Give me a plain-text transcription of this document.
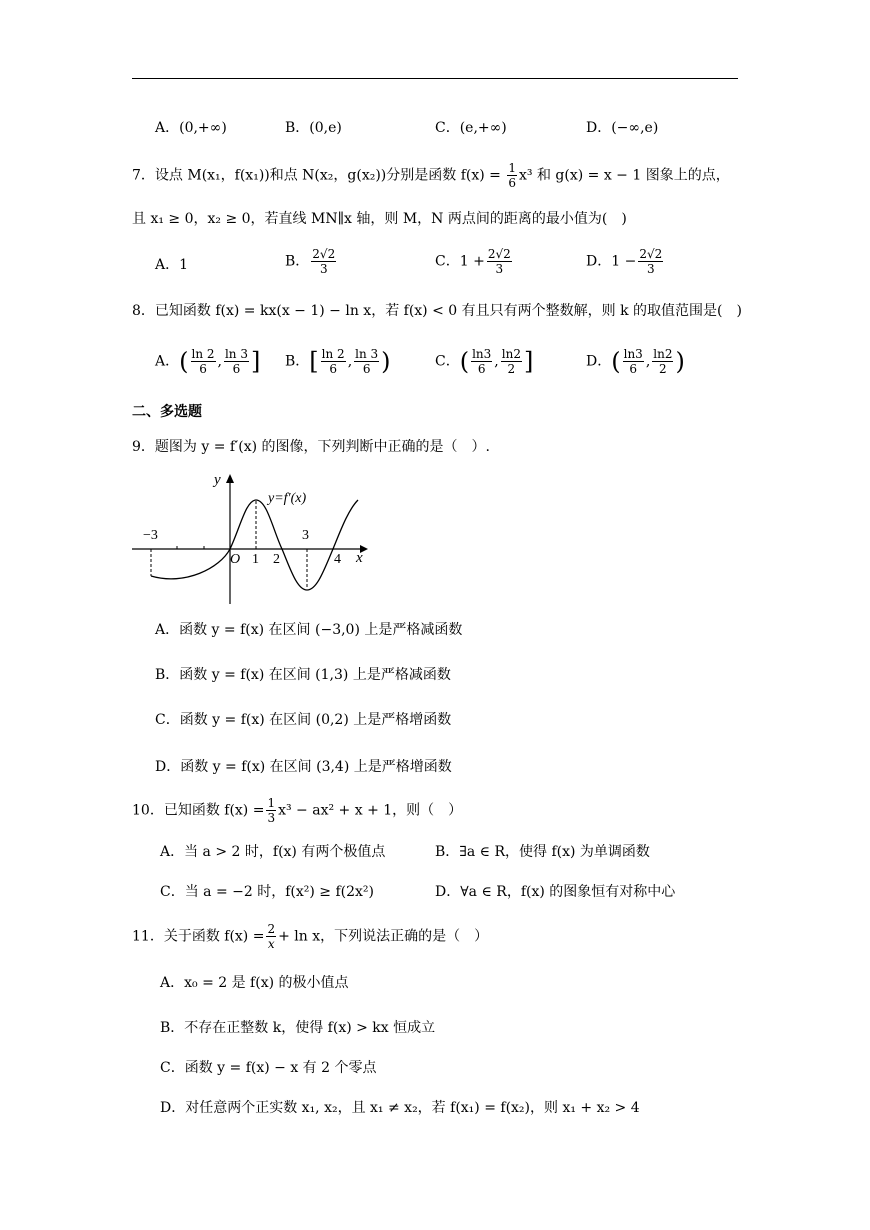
A．(0,+∞)	B．(0,e)	C．(e,+∞)	D．(−∞,e)
7．设点 M(x₁，f(x₁))和点 N(x₂，g(x₂))分别是函数 $f(x) = \frac{1}{6} x^3$ 和 g(x) = x − 1 图象上的点，
且 x₁ ≥ 0，x₂ ≥ 0，若直线 MN∥x 轴，则 M，N 两点间的距离的最小值为(　)
A．1	B． $\frac{2√2}{3}$	C．$1 + \frac{2√2}{3}$	D．$1 - \frac{2√2}{3}$
8．已知函数 f(x) = kx(x − 1) − ln x，若 f(x) < 0 有且只有两个整数解，则 k 的取值范围是(　)
A．( $\frac{\ln 2}{6}$ , $\frac{\ln 3}{6}$ ] B．[ $\frac{\ln 2}{6}$ , $\frac{\ln 3}{6}$ )	C．( $\frac{\ln 3}{6}$ , $\frac{\ln 2}{2}$ ]	D．( $\frac{\ln 3}{6}$ , $\frac{\ln 2}{2}$ )
二、多选题
9．题图为 y = f′(x) 的图像，下列判断中正确的是（　）.
y
x
y=f′(x)
O
−3
1 2
3
4
A．函数 y = f(x) 在区间 (−3,0) 上是严格减函数
B．函数 y = f(x) 在区间 (1,3) 上是严格减函数
C．函数 y = f(x) 在区间 (0,2) 上是严格增函数
D．函数 y = f(x) 在区间 (3,4) 上是严格增函数
10．已知函数 $f(x) = \frac{1}{3} x^3 - ax^2 + x + 1$，则（　）
A．当 a > 2 时，f(x) 有两个极值点	B．∃a ∈ R，使得 f(x) 为单调函数
C．当 a = −2 时，f(x²) ≥ f(2x²)	D．∀a ∈ R，f(x) 的图象恒有对称中心
11．关于函数 $f(x) = \frac{2}{x} + \ln x$，下列说法正确的是（　）
A．x₀ = 2 是 f(x) 的极小值点
B．不存在正整数 k，使得 f(x) > kx 恒成立
C．函数 y = f(x) − x 有 2 个零点
D．对任意两个正实数 x₁, x₂，且 x₁ ≠ x₂，若 f(x₁) = f(x₂)，则 x₁ + x₂ > 4
